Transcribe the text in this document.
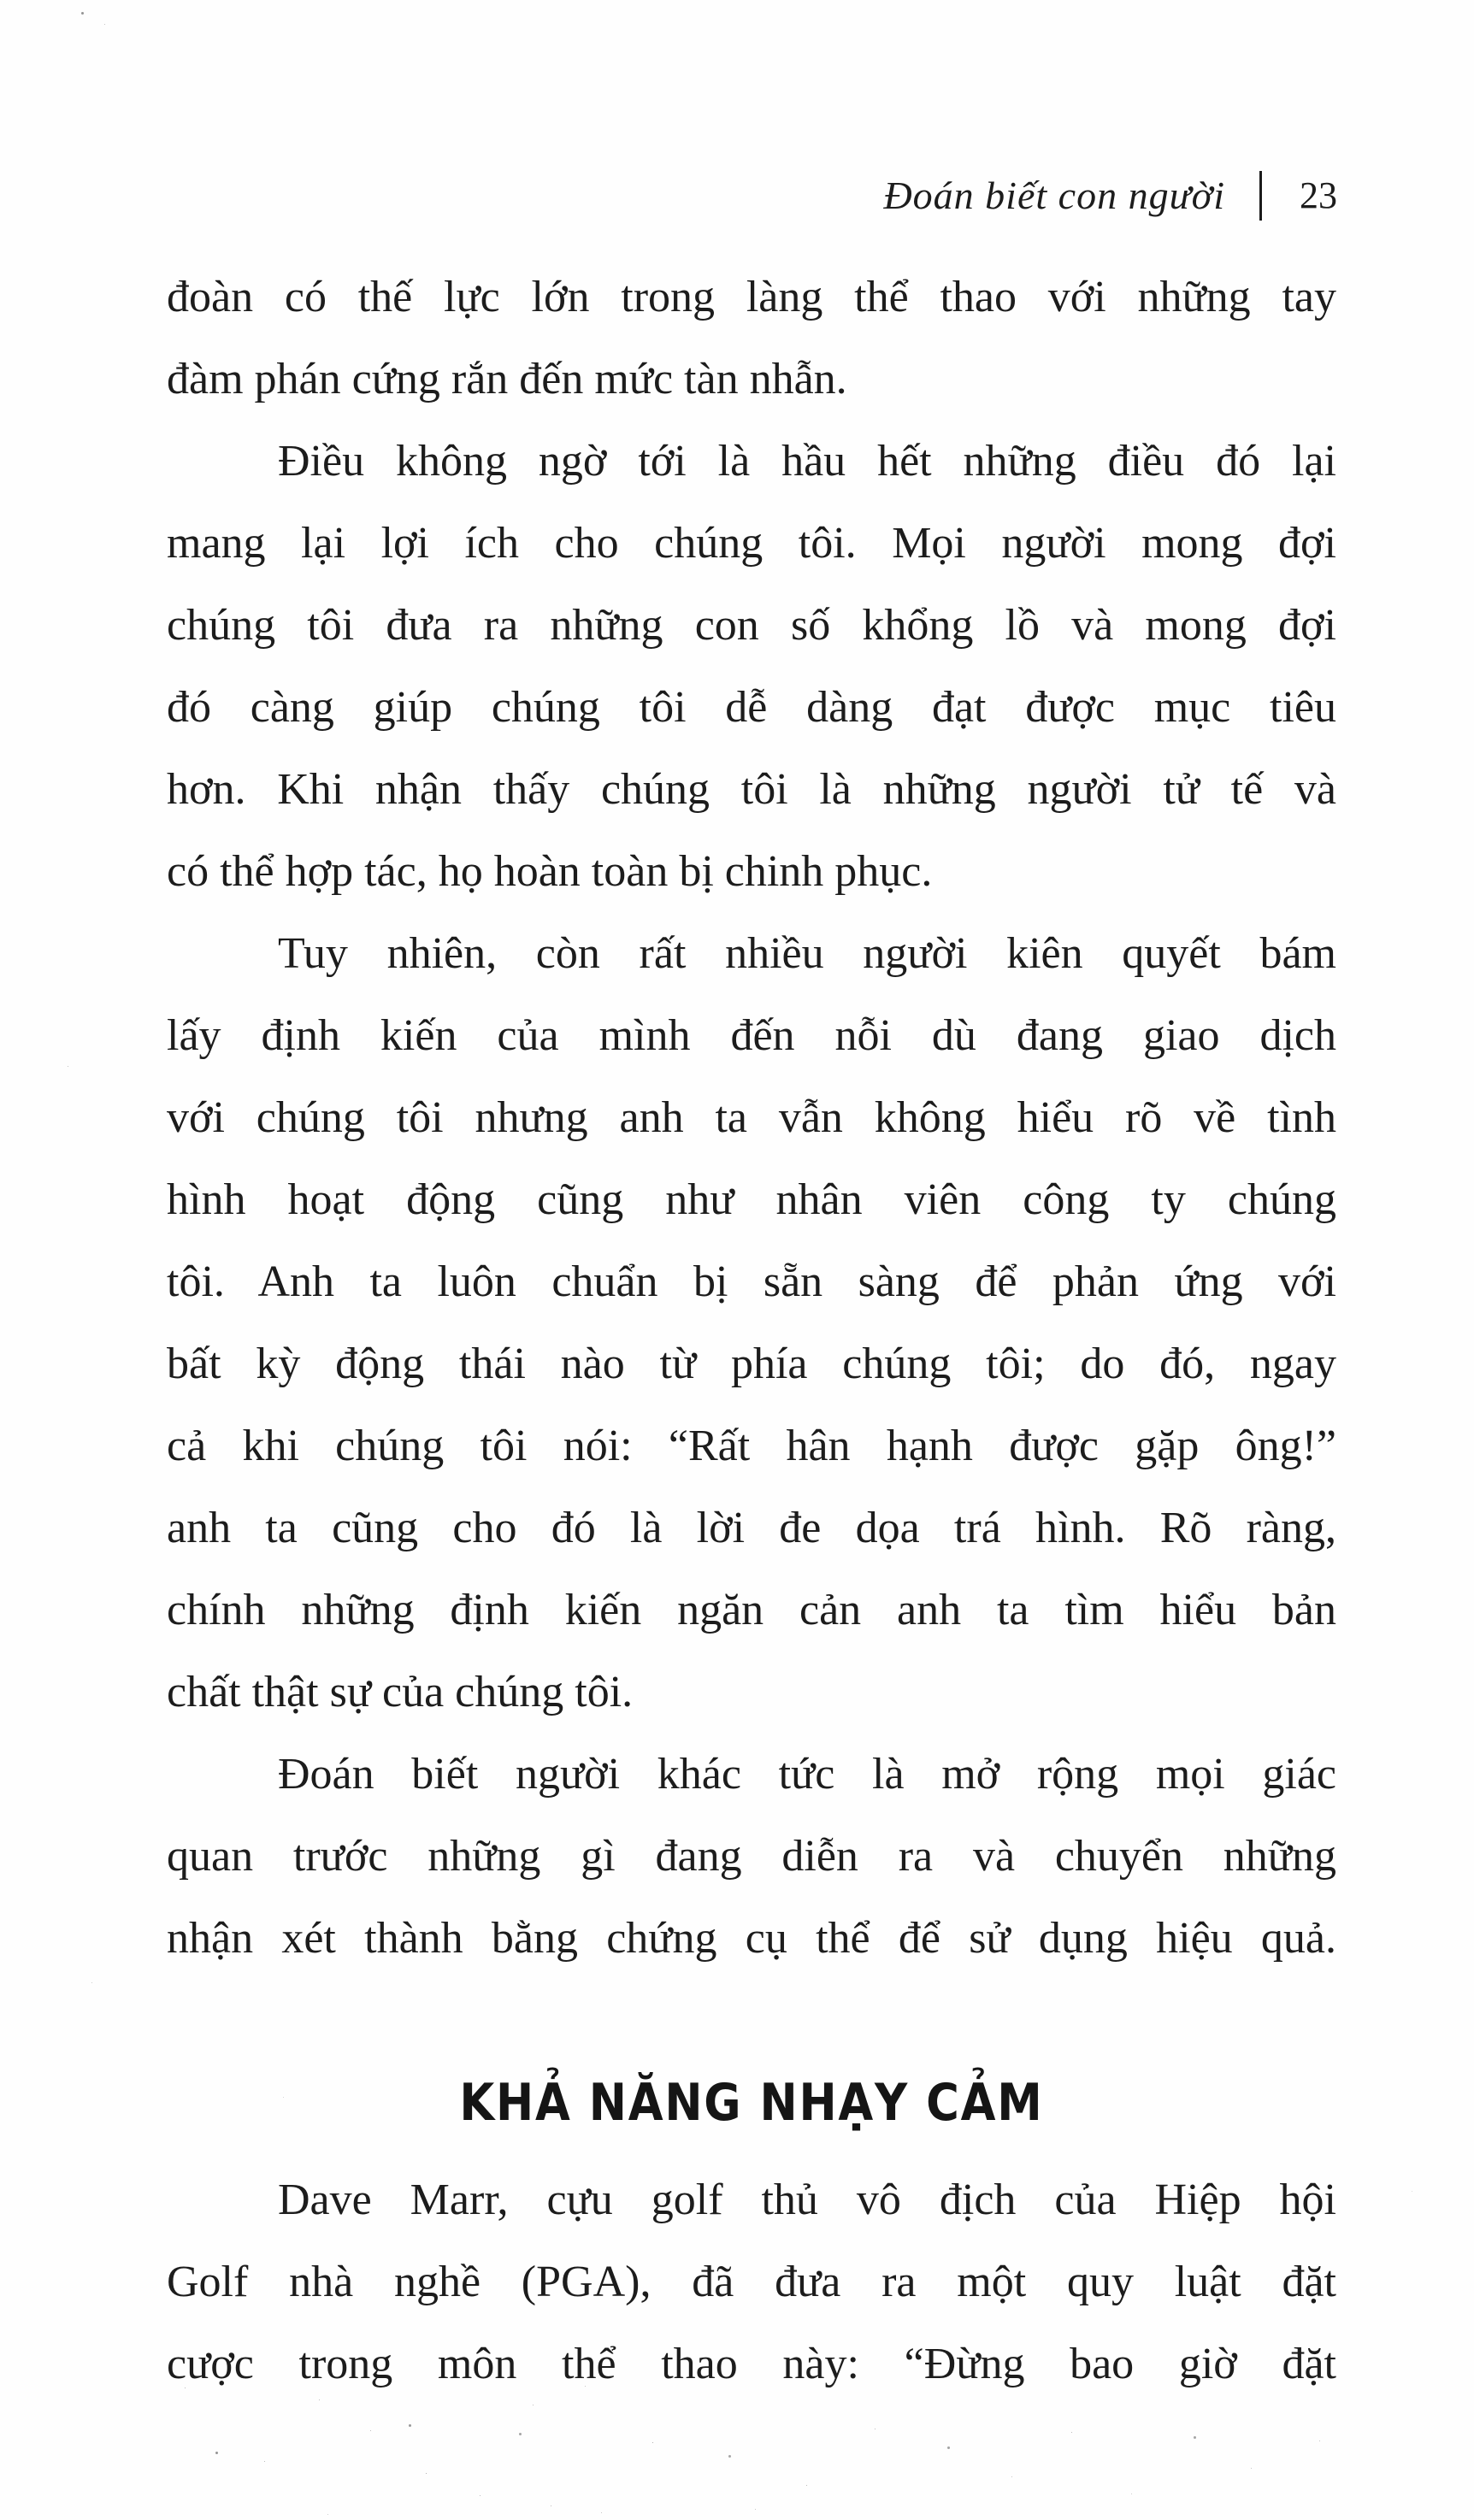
Đoán biết con người 23

đoàn có thế lực lớn trong làng thể thao với những tay
đàm phán cứng rắn đến mức tàn nhẫn.

Điều không ngờ tới là hầu hết những điều đó lại
mang lại lợi ích cho chúng tôi. Mọi người mong đợi
chúng tôi đưa ra những con số khổng lồ và mong đợi
đó càng giúp chúng tôi dễ dàng đạt được mục tiêu
hơn. Khi nhận thấy chúng tôi là những người tử tế và
có thể hợp tác, họ hoàn toàn bị chinh phục.

Tuy nhiên, còn rất nhiều người kiên quyết bám
lấy định kiến của mình đến nỗi dù đang giao dịch
với chúng tôi nhưng anh ta vẫn không hiểu rõ về tình
hình hoạt động cũng như nhân viên công ty chúng
tôi. Anh ta luôn chuẩn bị sẵn sàng để phản ứng với
bất kỳ động thái nào từ phía chúng tôi; do đó, ngay
cả khi chúng tôi nói: “Rất hân hạnh được gặp ông!”
anh ta cũng cho đó là lời đe dọa trá hình. Rõ ràng,
chính những định kiến ngăn cản anh ta tìm hiểu bản
chất thật sự của chúng tôi.

Đoán biết người khác tức là mở rộng mọi giác
quan trước những gì đang diễn ra và chuyển những
nhận xét thành bằng chứng cụ thể để sử dụng hiệu quả.

KHẢ NĂNG NHẠY CẢM

Dave Marr, cựu golf thủ vô địch của Hiệp hội
Golf nhà nghề (PGA), đã đưa ra một quy luật đặt
cược trong môn thể thao này: “Đừng bao giờ đặt
